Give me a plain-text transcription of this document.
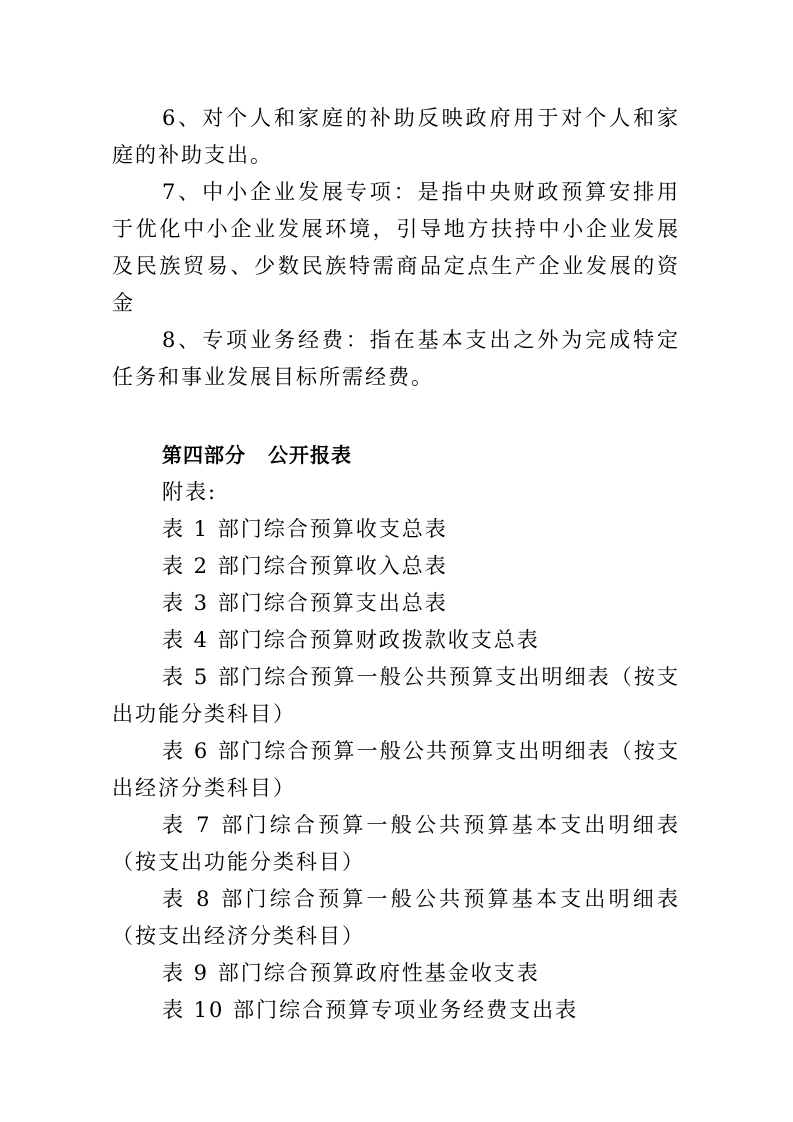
6、对个人和家庭的补助反映政府用于对个人和家庭的补助支出。

7、中小企业发展专项：是指中央财政预算安排用于优化中小企业发展环境，引导地方扶持中小企业发展及民族贸易、少数民族特需商品定点生产企业发展的资金

8、专项业务经费：指在基本支出之外为完成特定任务和事业发展目标所需经费。

第四部分 公开报表

附表:

表 1 部门综合预算收支总表
表 2 部门综合预算收入总表
表 3 部门综合预算支出总表
表 4 部门综合预算财政拨款收支总表
表 5 部门综合预算一般公共预算支出明细表（按支出功能分类科目）
表 6 部门综合预算一般公共预算支出明细表（按支出经济分类科目）
表 7 部门综合预算一般公共预算基本支出明细表（按支出功能分类科目）
表 8 部门综合预算一般公共预算基本支出明细表（按支出经济分类科目）
表 9 部门综合预算政府性基金收支表
表 10 部门综合预算专项业务经费支出表
